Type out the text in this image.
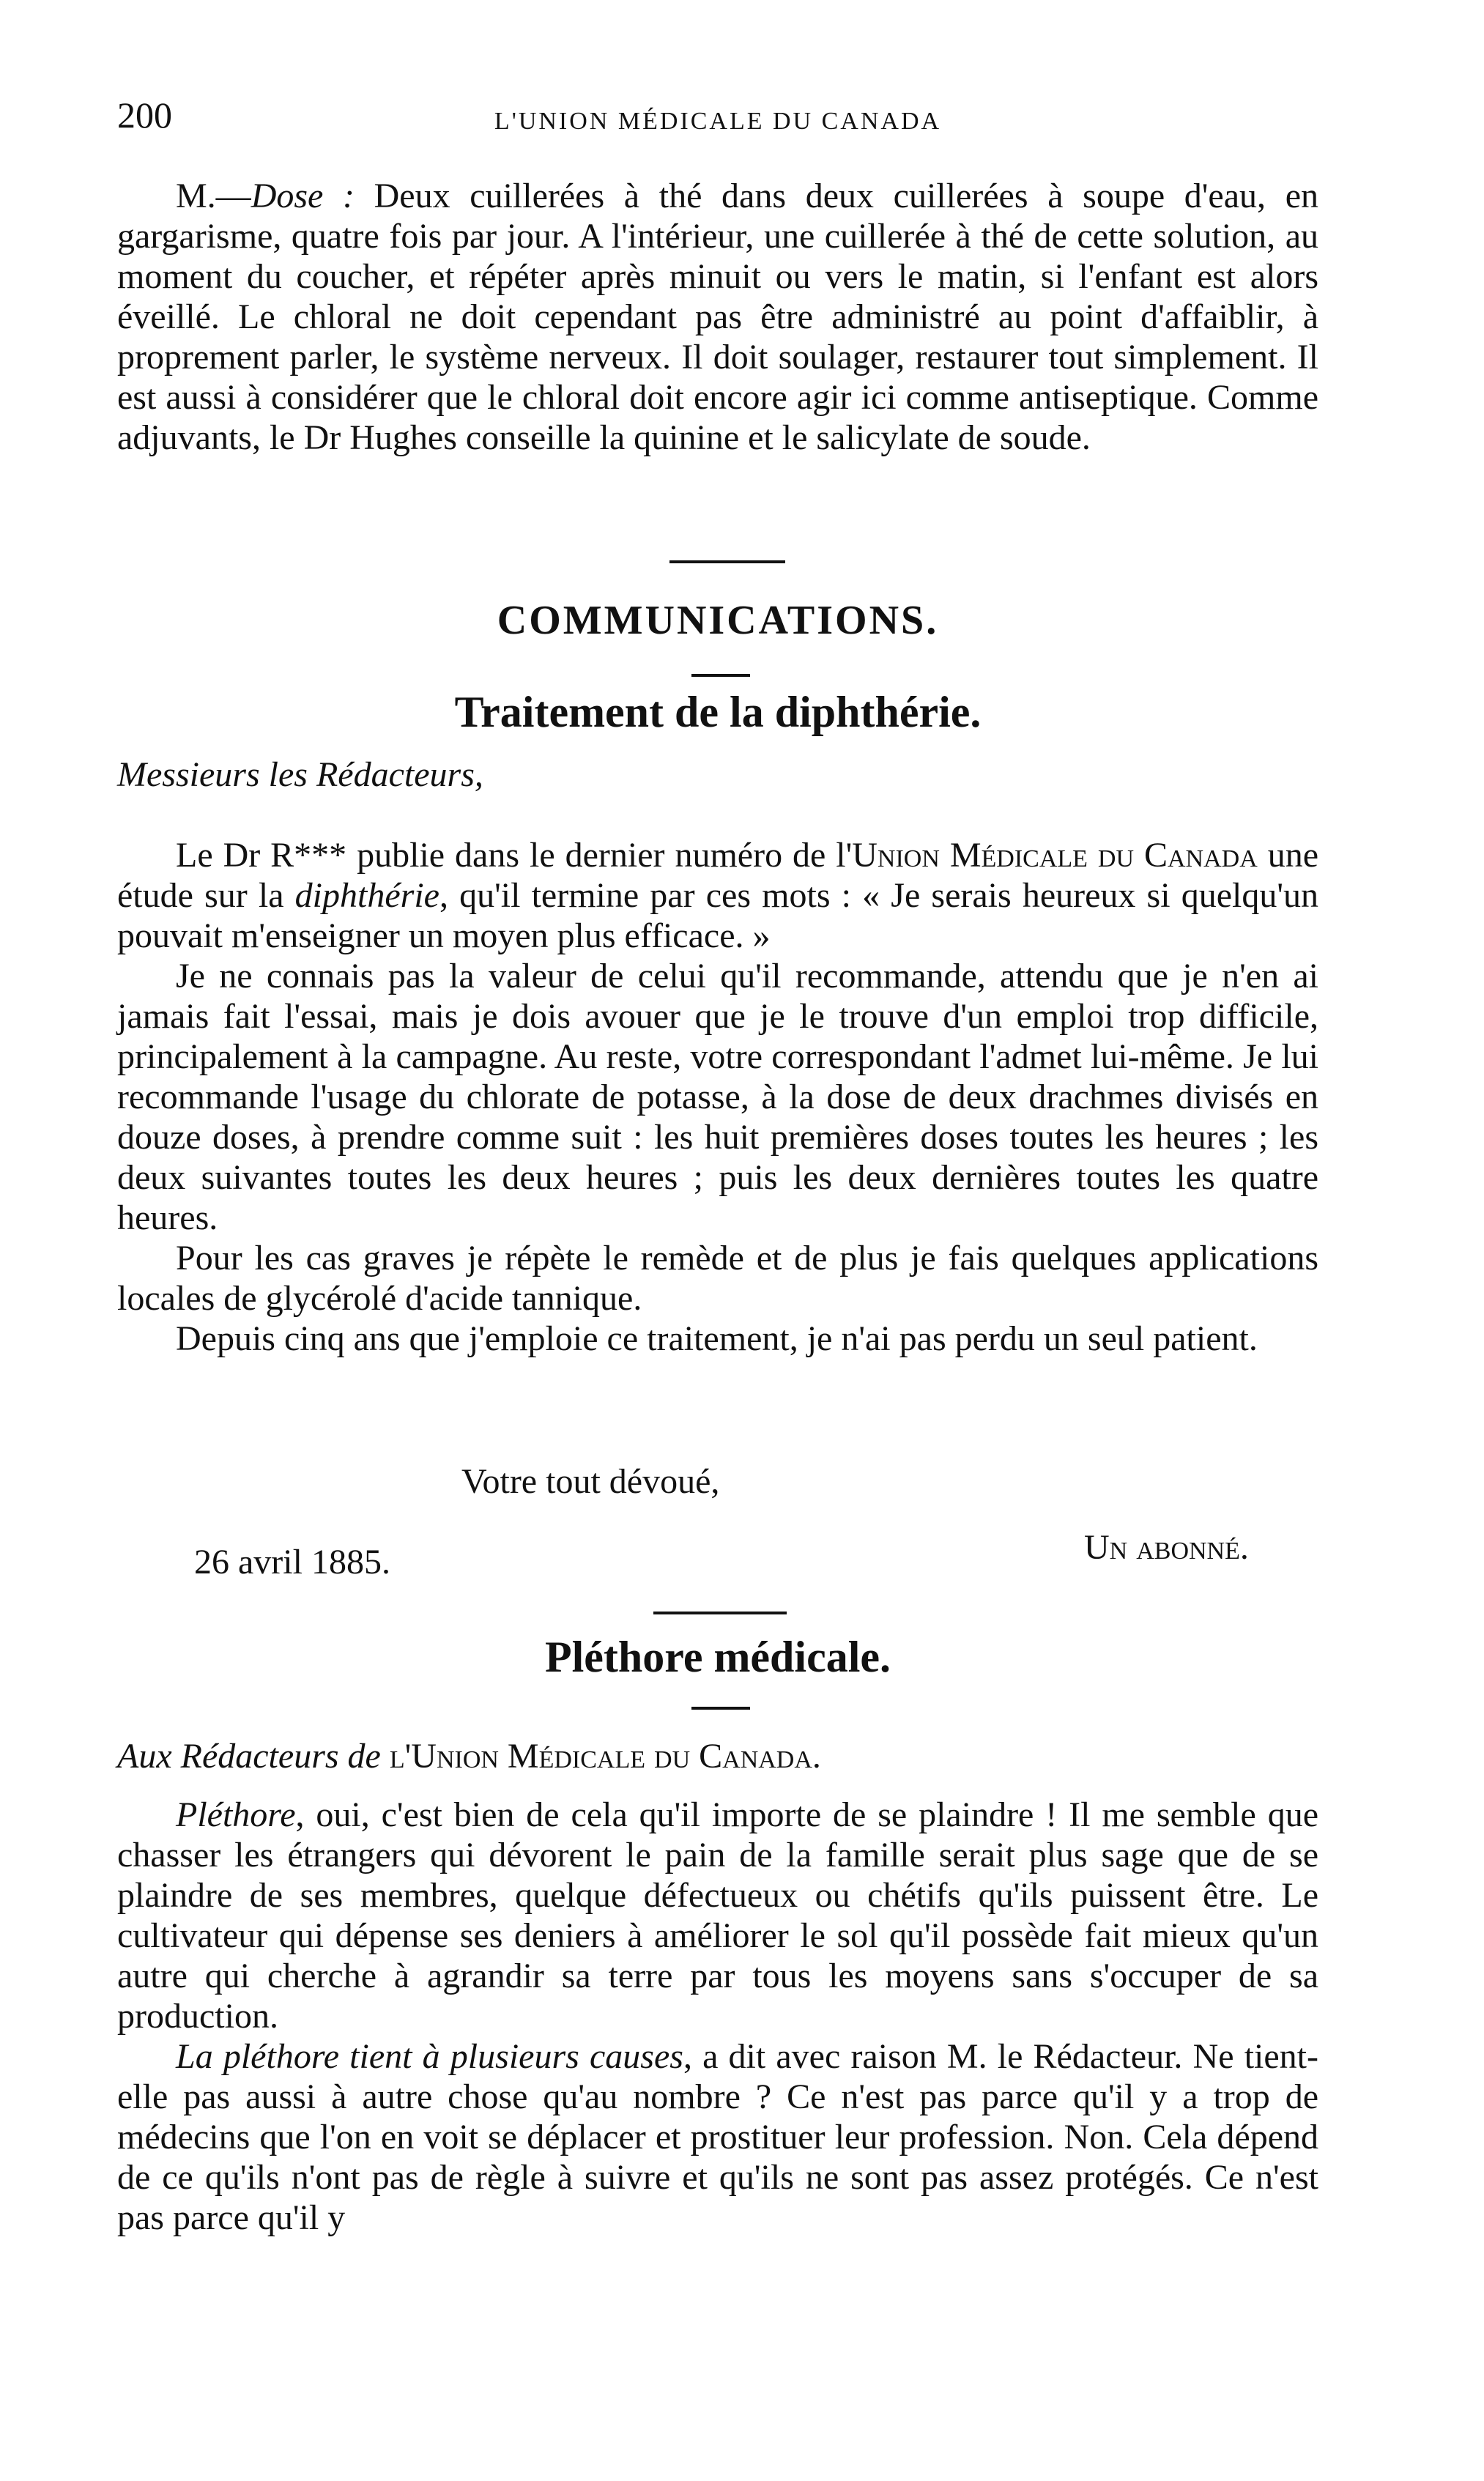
200	L'UNION MÉDICALE DU CANADA

M.—Dose : Deux cuillerées à thé dans deux cuillerées à soupe d'eau, en gargarisme, quatre fois par jour. A l'intérieur, une cuillerée à thé de cette solution, au moment du coucher, et répéter après minuit ou vers le matin, si l'enfant est alors éveillé. Le chloral ne doit cependant pas être administré au point d'affaiblir, à proprement parler, le système nerveux. Il doit soulager, restaurer tout simplement. Il est aussi à considérer que le chloral doit encore agir ici comme antiseptique. Comme adjuvants, le Dr Hughes conseille la quinine et le salicylate de soude.

COMMUNICATIONS.
Traitement de la diphthérie.

Messieurs les Rédacteurs,

Le Dr R*** publie dans le dernier numéro de l'Union Médicale du Canada une étude sur la diphthérie, qu'il termine par ces mots : « Je serais heureux si quelqu'un pouvait m'enseigner un moyen plus efficace. »

Je ne connais pas la valeur de celui qu'il recommande, attendu que je n'en ai jamais fait l'essai, mais je dois avouer que je le trouve d'un emploi trop difficile, principalement à la campagne. Au reste, votre correspondant l'admet lui-même. Je lui recommande l'usage du chlorate de potasse, à la dose de deux drachmes divisés en douze doses, à prendre comme suit : les huit premières doses toutes les heures ; les deux suivantes toutes les deux heures ; puis les deux dernières toutes les quatre heures.

Pour les cas graves je répète le remède et de plus je fais quelques applications locales de glycérolé d'acide tannique.

Depuis cinq ans que j'emploie ce traitement, je n'ai pas perdu un seul patient.

Votre tout dévoué,
Un abonné.
26 avril 1885.
Pléthore médicale.

Aux Rédacteurs de l'Union Médicale du Canada.

Pléthore, oui, c'est bien de cela qu'il importe de se plaindre ! Il me semble que chasser les étrangers qui dévorent le pain de la famille serait plus sage que de se plaindre de ses membres, quelque défectueux ou chétifs qu'ils puissent être. Le cultivateur qui dépense ses deniers à améliorer le sol qu'il possède fait mieux qu'un autre qui cherche à agrandir sa terre par tous les moyens sans s'occuper de sa production.

La pléthore tient à plusieurs causes, a dit avec raison M. le Rédacteur. Ne tient-elle pas aussi à autre chose qu'au nombre ? Ce n'est pas parce qu'il y a trop de médecins que l'on en voit se déplacer et prostituer leur profession. Non. Cela dépend de ce qu'ils n'ont pas de règle à suivre et qu'ils ne sont pas assez protégés. Ce n'est pas parce qu'il y
